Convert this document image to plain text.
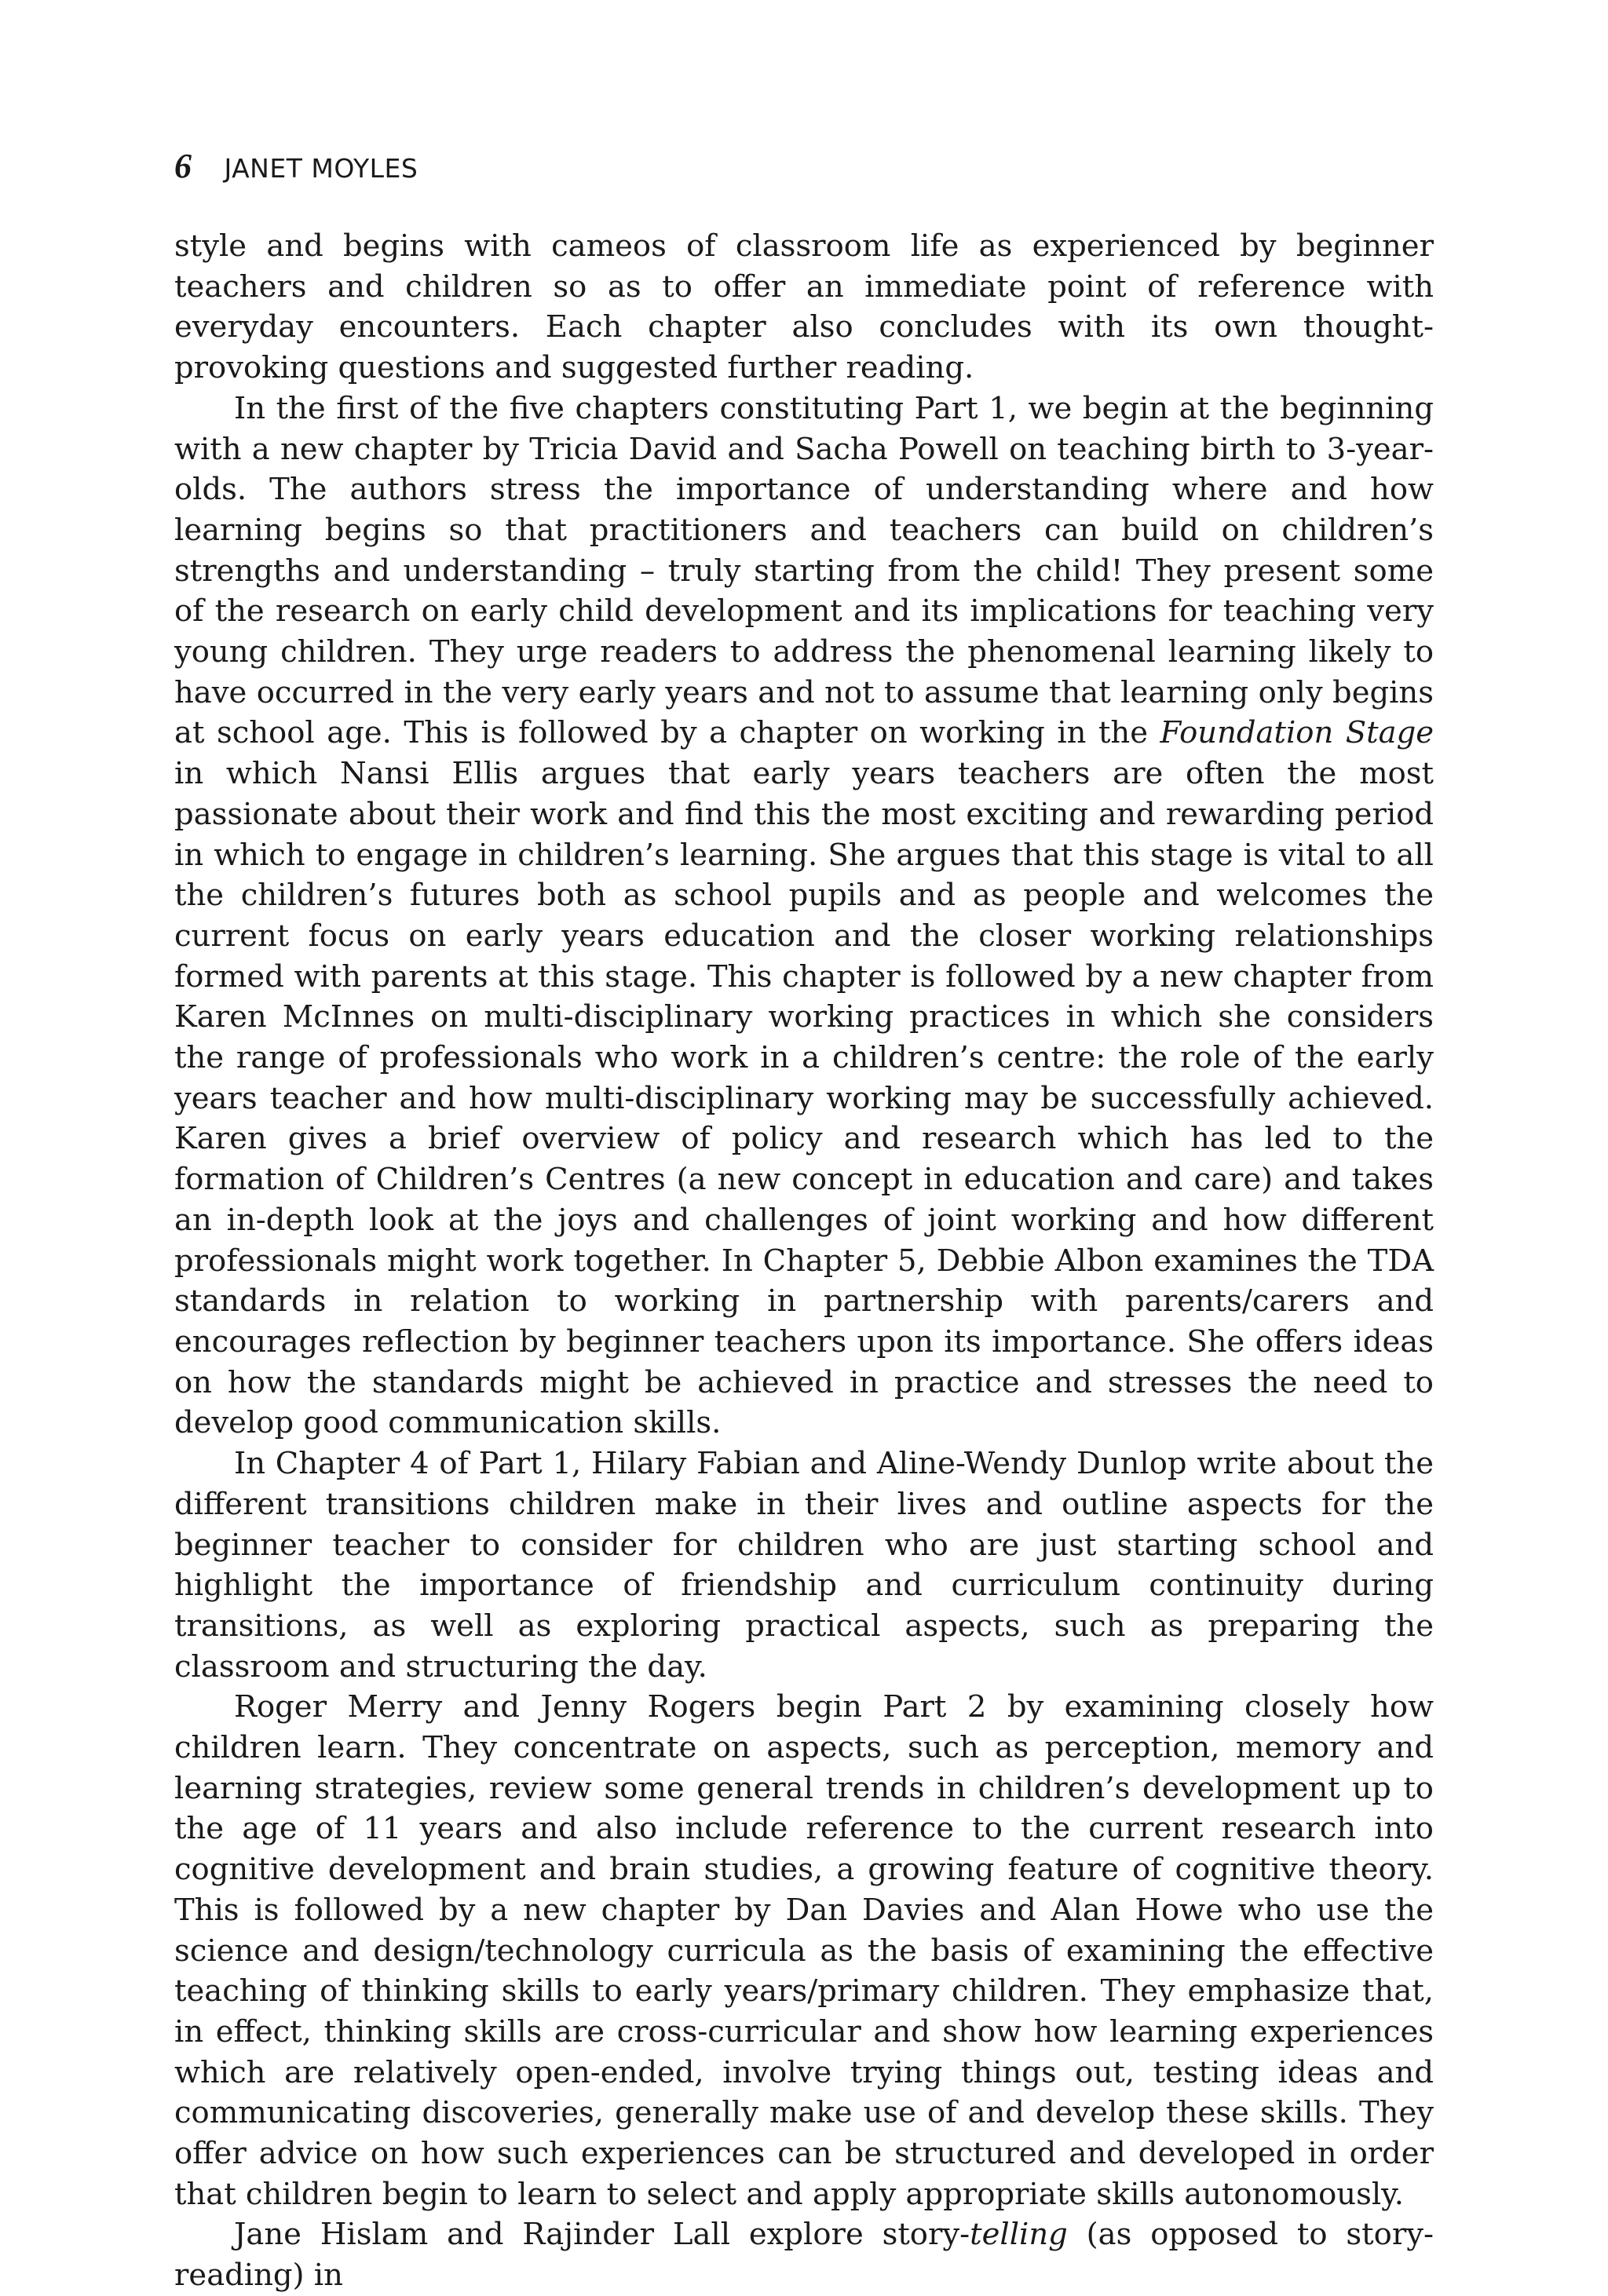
6 JANET MOYLES

style and begins with cameos of classroom life as experienced by beginner teachers and children so as to offer an immediate point of reference with everyday encounters. Each chapter also concludes with its own thought-provoking questions and suggested further reading.

In the first of the five chapters constituting Part 1, we begin at the beginning with a new chapter by Tricia David and Sacha Powell on teaching birth to 3-year-olds. The authors stress the importance of understanding where and how learning begins so that practitioners and teachers can build on children’s strengths and understanding – truly starting from the child! They present some of the research on early child development and its implications for teaching very young children. They urge readers to address the phenomenal learning likely to have occurred in the very early years and not to assume that learning only begins at school age. This is followed by a chapter on working in the Foundation Stage in which Nansi Ellis argues that early years teachers are often the most passionate about their work and find this the most exciting and rewarding period in which to engage in children’s learning. She argues that this stage is vital to all the children’s futures both as school pupils and as people and welcomes the current focus on early years education and the closer working relationships formed with parents at this stage. This chapter is followed by a new chapter from Karen McInnes on multi-disciplinary working practices in which she considers the range of professionals who work in a children’s centre: the role of the early years teacher and how multi-disciplinary working may be successfully achieved. Karen gives a brief overview of policy and research which has led to the formation of Children’s Centres (a new concept in education and care) and takes an in-depth look at the joys and challenges of joint working and how different professionals might work together. In Chapter 5, Debbie Albon examines the TDA standards in relation to working in partnership with parents/carers and encourages reflection by beginner teachers upon its importance. She offers ideas on how the standards might be achieved in practice and stresses the need to develop good communication skills.

In Chapter 4 of Part 1, Hilary Fabian and Aline-Wendy Dunlop write about the different transitions children make in their lives and outline aspects for the beginner teacher to consider for children who are just starting school and highlight the importance of friendship and curriculum continuity during transitions, as well as exploring practical aspects, such as preparing the classroom and structuring the day.

Roger Merry and Jenny Rogers begin Part 2 by examining closely how children learn. They concentrate on aspects, such as perception, memory and learning strategies, review some general trends in children’s development up to the age of 11 years and also include reference to the current research into cognitive development and brain studies, a growing feature of cognitive theory. This is followed by a new chapter by Dan Davies and Alan Howe who use the science and design/technology curricula as the basis of examining the effective teaching of thinking skills to early years/primary children. They emphasize that, in effect, thinking skills are cross-curricular and show how learning experiences which are relatively open-ended, involve trying things out, testing ideas and communicating discoveries, generally make use of and develop these skills. They offer advice on how such experiences can be structured and developed in order that children begin to learn to select and apply appropriate skills autonomously.

Jane Hislam and Rajinder Lall explore story-telling (as opposed to story-reading) in
